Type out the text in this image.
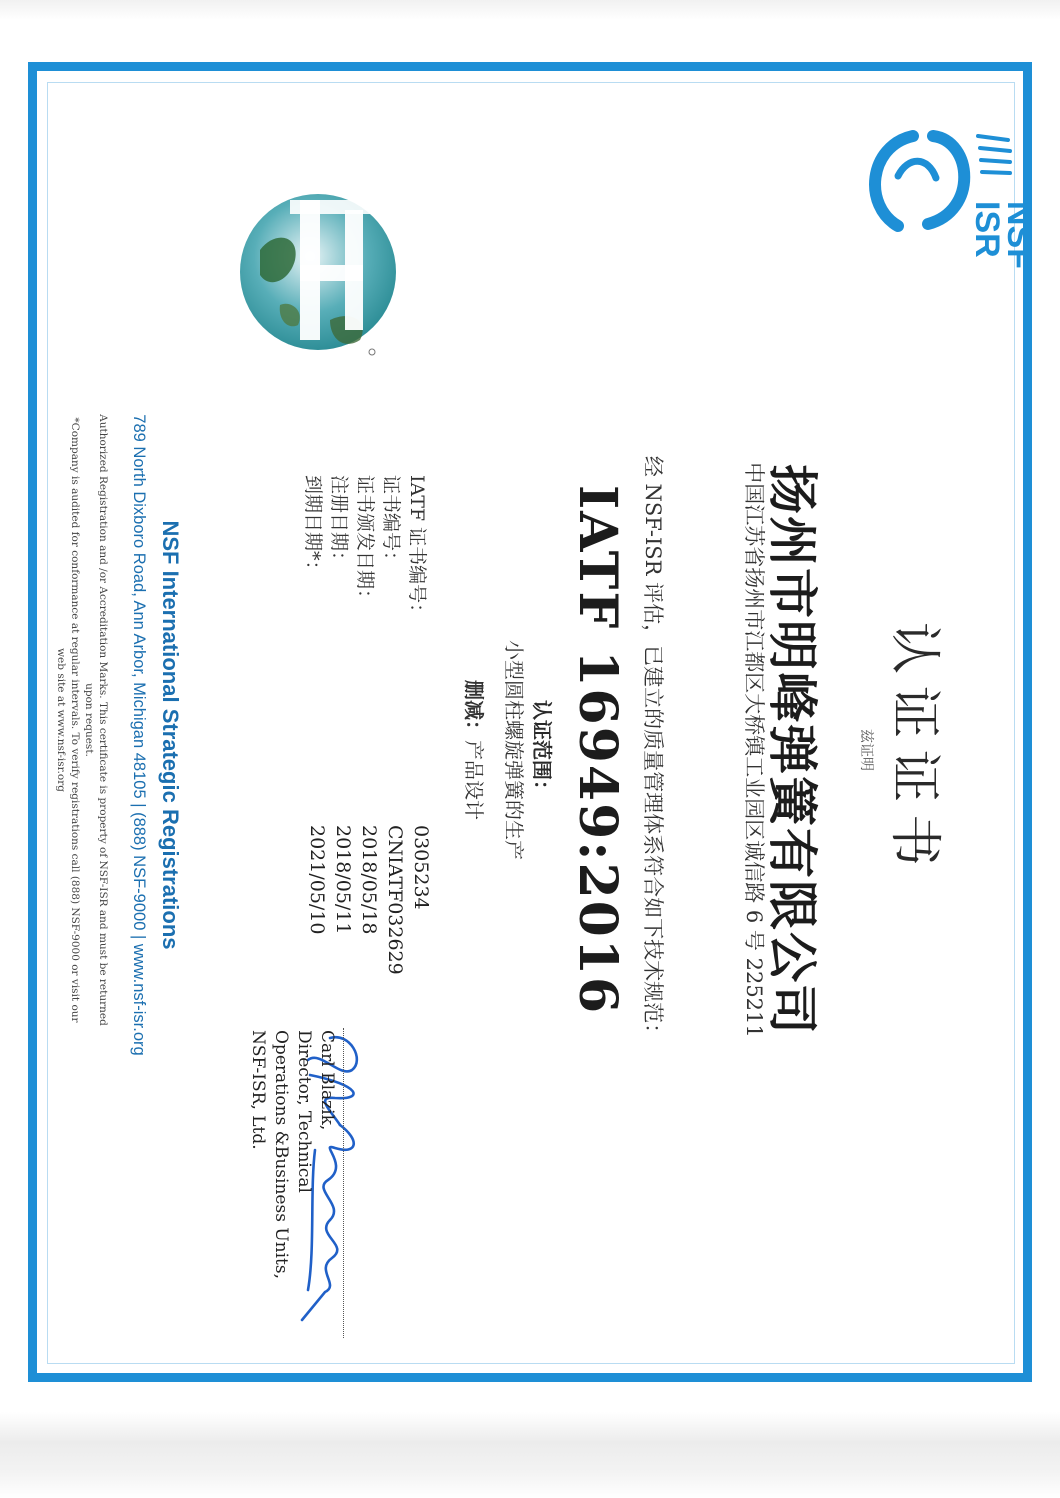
NSF
ISR
认证证书
兹证明
扬州市明峰弹簧有限公司
中国江苏省扬州市江都区大桥镇工业园区诚信路 6 号 225211
经 NSF-ISR 评估，已建立的质量管理体系符合如下技术规范：
IATF 16949:2016
认证范围：
小型圆柱螺旋弹簧的生产
删减：产品设计
IATF 证书编号：
0305234
证书编号：
CNIATF032629
证书颁发日期：
2018/05/18
注册日期：
2018/05/11
到期日期*：
2021/05/10
Carl Blazik,
Director, Technical
Operations &Business Units,
NSF-ISR, Ltd.
NSF International Strategic Registrations
789 North Dixboro Road, Ann Arbor, Michigan 48105 | (888) NSF-9000 | www.nsf-isr.org
Authorized Registration and /or Accreditation Marks. This certificate is property of NSF-ISR and must be returned upon request.
*Company is audited for conformance at regular intervals. To verify registrations call (888) NSF-9000 or visit our web site at www.nsf-isr.org
